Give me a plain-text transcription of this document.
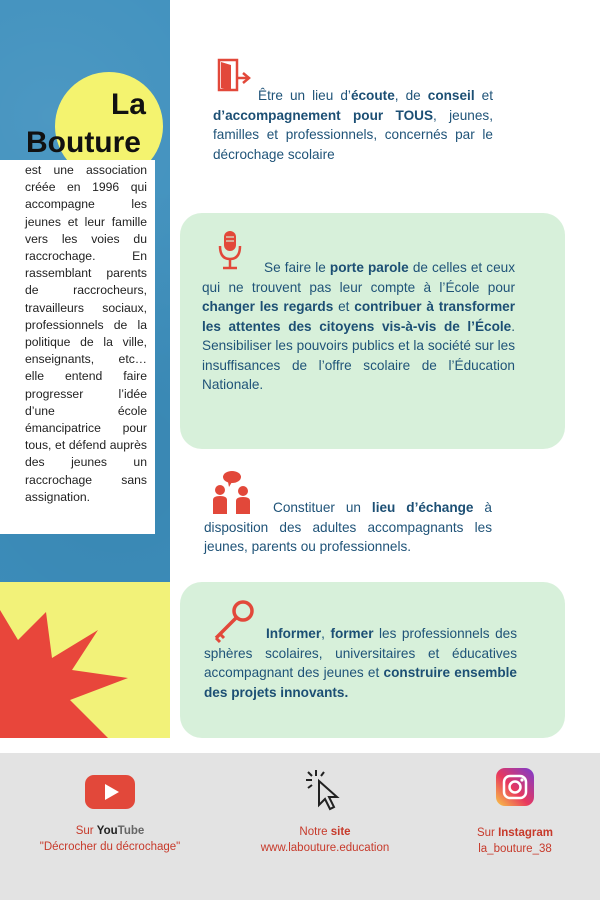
La
Bouture
est une association créée en 1996 qui accompagne les jeunes et leur famille vers les voies du raccrochage. En rassemblant parents de raccrocheurs, travailleurs sociaux, professionnels de la politique de la ville, enseignants, etc… elle entend faire progresser l’idée d’une école émancipatrice pour tous, et défend auprès des jeunes un raccrochage sans assignation.
Être un lieu d’écoute, de conseil et d’accompagnement pour TOUS, jeunes, familles et professionnels, concernés par le décrochage scolaire
Se faire le porte parole de celles et ceux qui ne trouvent pas leur compte à l’École pour changer les regards et contribuer à transformer les attentes des citoyens vis-à-vis de l’École. Sensibiliser les pouvoirs publics et la société sur les insuffisances de l’offre scolaire de l’Éducation Nationale.
Constituer un lieu d’échange à disposition des adultes accompagnants les jeunes, parents ou professionnels.
Informer, former les professionnels des sphères scolaires, universitaires et éducatives accompagnant des jeunes et construire ensemble des projets innovants.
Sur YouTube
"Décrocher du décrochage"
Notre site
www.labouture.education
Sur Instagram
la_bouture_38
